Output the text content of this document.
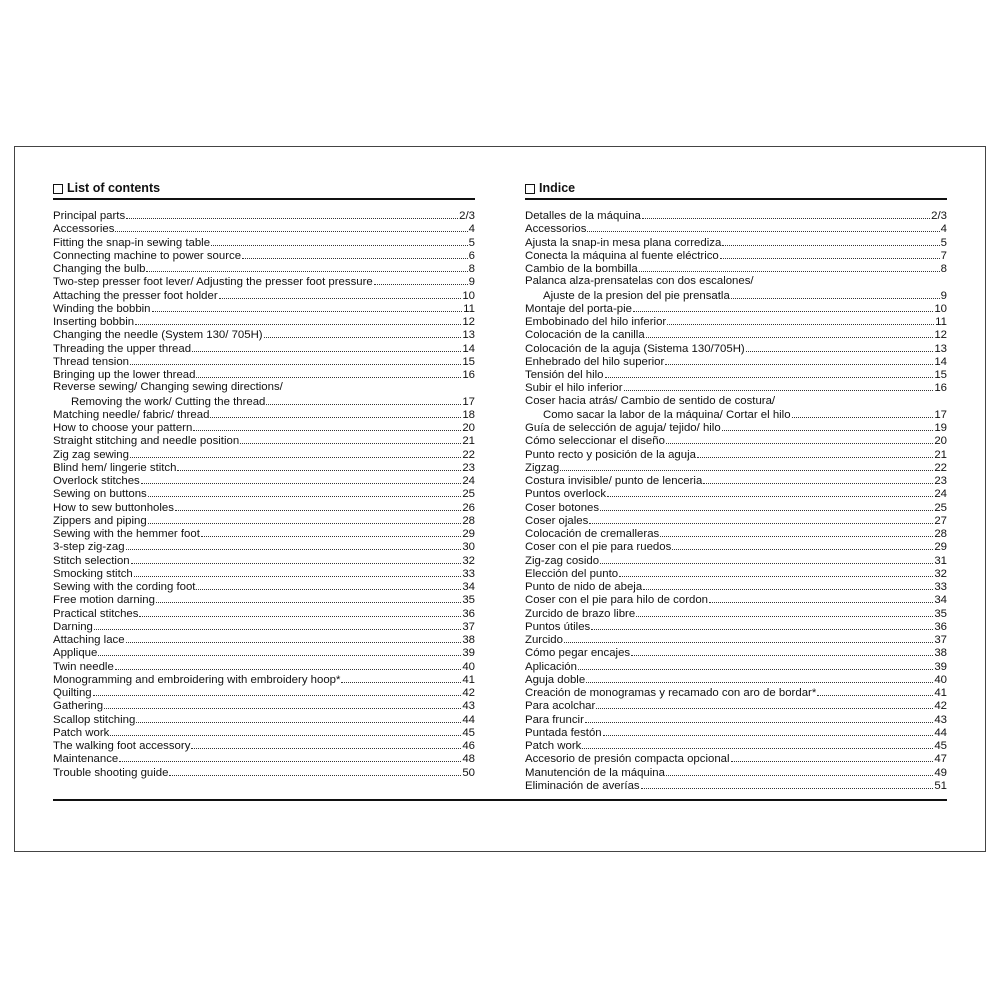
List of contents
Principal parts	2/3
Accessories	4
Fitting the snap-in sewing table	5
Connecting machine to power source	6
Changing the bulb	8
Two-step presser foot lever/ Adjusting the presser foot pressure	9
Attaching the presser foot holder	10
Winding the bobbin	11
Inserting bobbin	12
Changing the needle (System 130/ 705H)	13
Threading the upper thread	14
Thread tension	15
Bringing up the lower thread	16
Reverse sewing/ Changing sewing directions/
Removing the work/ Cutting the thread	17
Matching needle/ fabric/ thread	18
How to choose your pattern	20
Straight stitching and needle position	21
Zig zag sewing	22
Blind hem/ lingerie stitch	23
Overlock stitches	24
Sewing on buttons	25
How to sew buttonholes	26
Zippers and piping	28
Sewing with the hemmer foot	29
3-step zig-zag	30
Stitch selection	32
Smocking stitch	33
Sewing with the cording foot	34
Free motion darning	35
Practical stitches	36
Darning	37
Attaching lace	38
Applique	39
Twin needle	40
Monogramming and embroidering with embroidery hoop*	41
Quilting	42
Gathering	43
Scallop stitching	44
Patch work	45
The walking foot accessory	46
Maintenance	48
Trouble shooting guide	50
Indice
Detalles de la máquina	2/3
Accessorios	4
Ajusta la snap-in mesa plana corrediza	5
Conecta la máquina al fuente eléctrico	7
Cambio de la bombilla	8
Palanca alza-prensatelas con dos escalones/
Ajuste de la presion del pie prensatla	9
Montaje del porta-pie	10
Embobinado del hilo inferior	11
Colocación de la canilla	12
Colocación de la aguja (Sistema 130/705H)	13
Enhebrado del hilo superior	14
Tensión del hilo	15
Subir el hilo inferior	16
Coser hacia atrás/ Cambio de sentido de costura/
Como sacar la labor de la máquina/ Cortar el hilo	17
Guía de selección de aguja/ tejido/ hilo	19
Cómo seleccionar el diseño	20
Punto recto y posición de la aguja	21
Zigzag	22
Costura invisible/ punto de lenceria	23
Puntos overlock	24
Coser botones	25
Coser ojales	27
Colocación de cremalleras	28
Coser con el pie para ruedos	29
Zig-zag cosido	31
Elección del punto	32
Punto de nido de abeja	33
Coser con el pie para hilo de cordon	34
Zurcido de brazo libre	35
Puntos útiles	36
Zurcido	37
Cómo pegar encajes	38
Aplicación	39
Aguja doble	40
Creación de monogramas y recamado con aro de bordar*	41
Para acolchar	42
Para fruncir	43
Puntada festón	44
Patch work	45
Accesorio de presión compacta opcional	47
Manutención de la máquina	49
Eliminación de averías	51
